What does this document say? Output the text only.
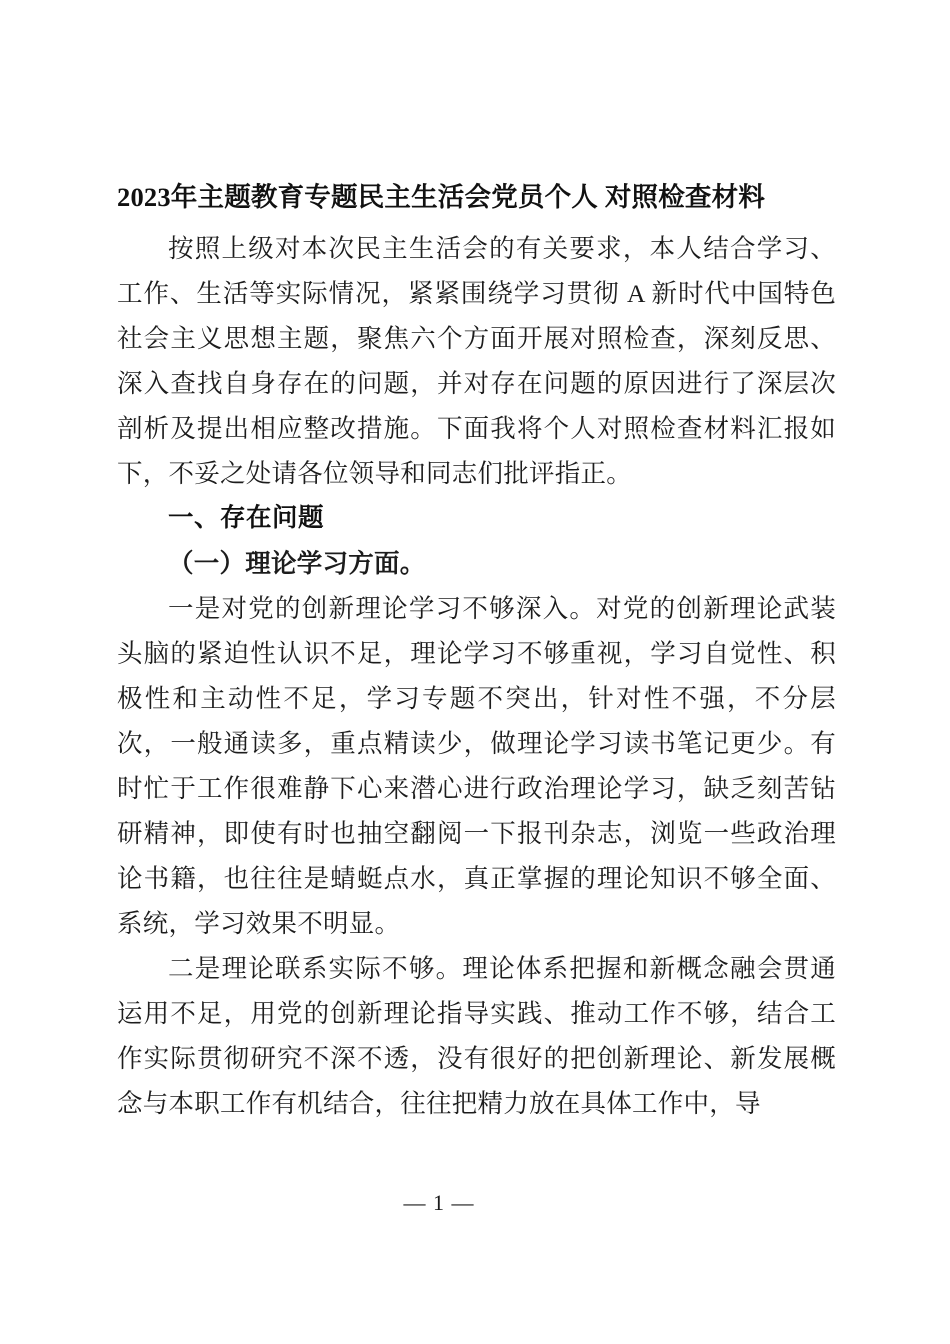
2023年主题教育专题民主生活会党员个人 对照检查材料

按照上级对本次民主生活会的有关要求，本人结合学习、工作、生活等实际情况，紧紧围绕学习贯彻 A 新时代中国特色社会主义思想主题，聚焦六个方面开展对照检查，深刻反思、深入查找自身存在的问题，并对存在问题的原因进行了深层次剖析及提出相应整改措施。下面我将个人对照检查材料汇报如下，不妥之处请各位领导和同志们批评指正。

一、存在问题
（一）理论学习方面。

一是对党的创新理论学习不够深入。对党的创新理论武装头脑的紧迫性认识不足，理论学习不够重视，学习自觉性、积极性和主动性不足，学习专题不突出，针对性不强，不分层次，一般通读多，重点精读少，做理论学习读书笔记更少。有时忙于工作很难静下心来潜心进行政治理论学习，缺乏刻苦钻研精神，即使有时也抽空翻阅一下报刊杂志，浏览一些政治理论书籍，也往往是蜻蜓点水，真正掌握的理论知识不够全面、系统，学习效果不明显。

二是理论联系实际不够。理论体系把握和新概念融会贯通运用不足，用党的创新理论指导实践、推动工作不够，结合工作实际贯彻研究不深不透，没有很好的把创新理论、新发展概念与本职工作有机结合，往往把精力放在具体工作中，导

— 1 —
